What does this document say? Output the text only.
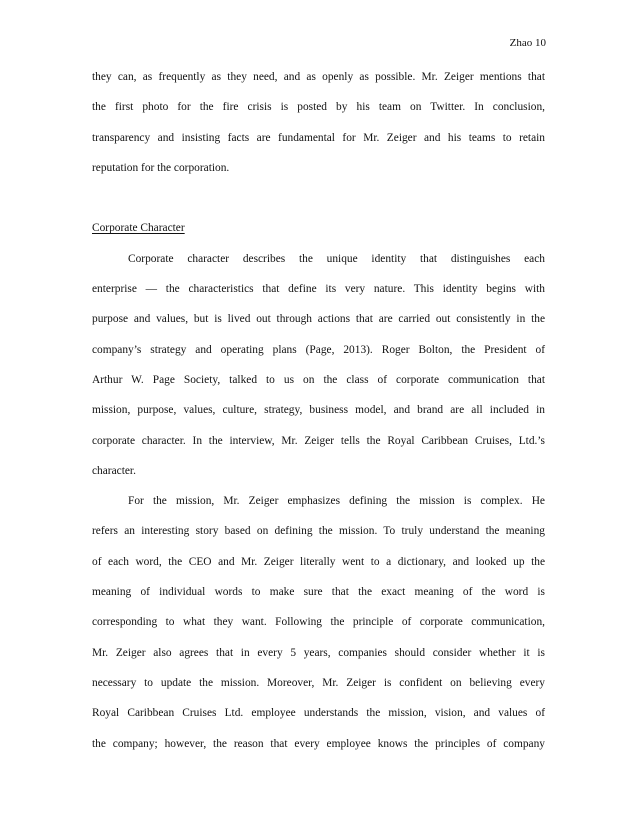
Zhao 10
they can, as frequently as they need, and as openly as possible. Mr. Zeiger mentions that
the first photo for the fire crisis is posted by his team on Twitter. In conclusion,
transparency and insisting facts are fundamental for Mr. Zeiger and his teams to retain
reputation for the corporation.
Corporate Character
Corporate character describes the unique identity that distinguishes each
enterprise — the characteristics that define its very nature. This identity begins with
purpose and values, but is lived out through actions that are carried out consistently in the
company’s strategy and operating plans (Page, 2013). Roger Bolton, the President of
Arthur W. Page Society, talked to us on the class of corporate communication that
mission, purpose, values, culture, strategy, business model, and brand are all included in
corporate character. In the interview, Mr. Zeiger tells the Royal Caribbean Cruises, Ltd.’s
character.
For the mission, Mr. Zeiger emphasizes defining the mission is complex. He
refers an interesting story based on defining the mission. To truly understand the meaning
of each word, the CEO and Mr. Zeiger literally went to a dictionary, and looked up the
meaning of individual words to make sure that the exact meaning of the word is
corresponding to what they want. Following the principle of corporate communication,
Mr. Zeiger also agrees that in every 5 years, companies should consider whether it is
necessary to update the mission. Moreover, Mr. Zeiger is confident on believing every
Royal Caribbean Cruises Ltd. employee understands the mission, vision, and values of
the company; however, the reason that every employee knows the principles of company
